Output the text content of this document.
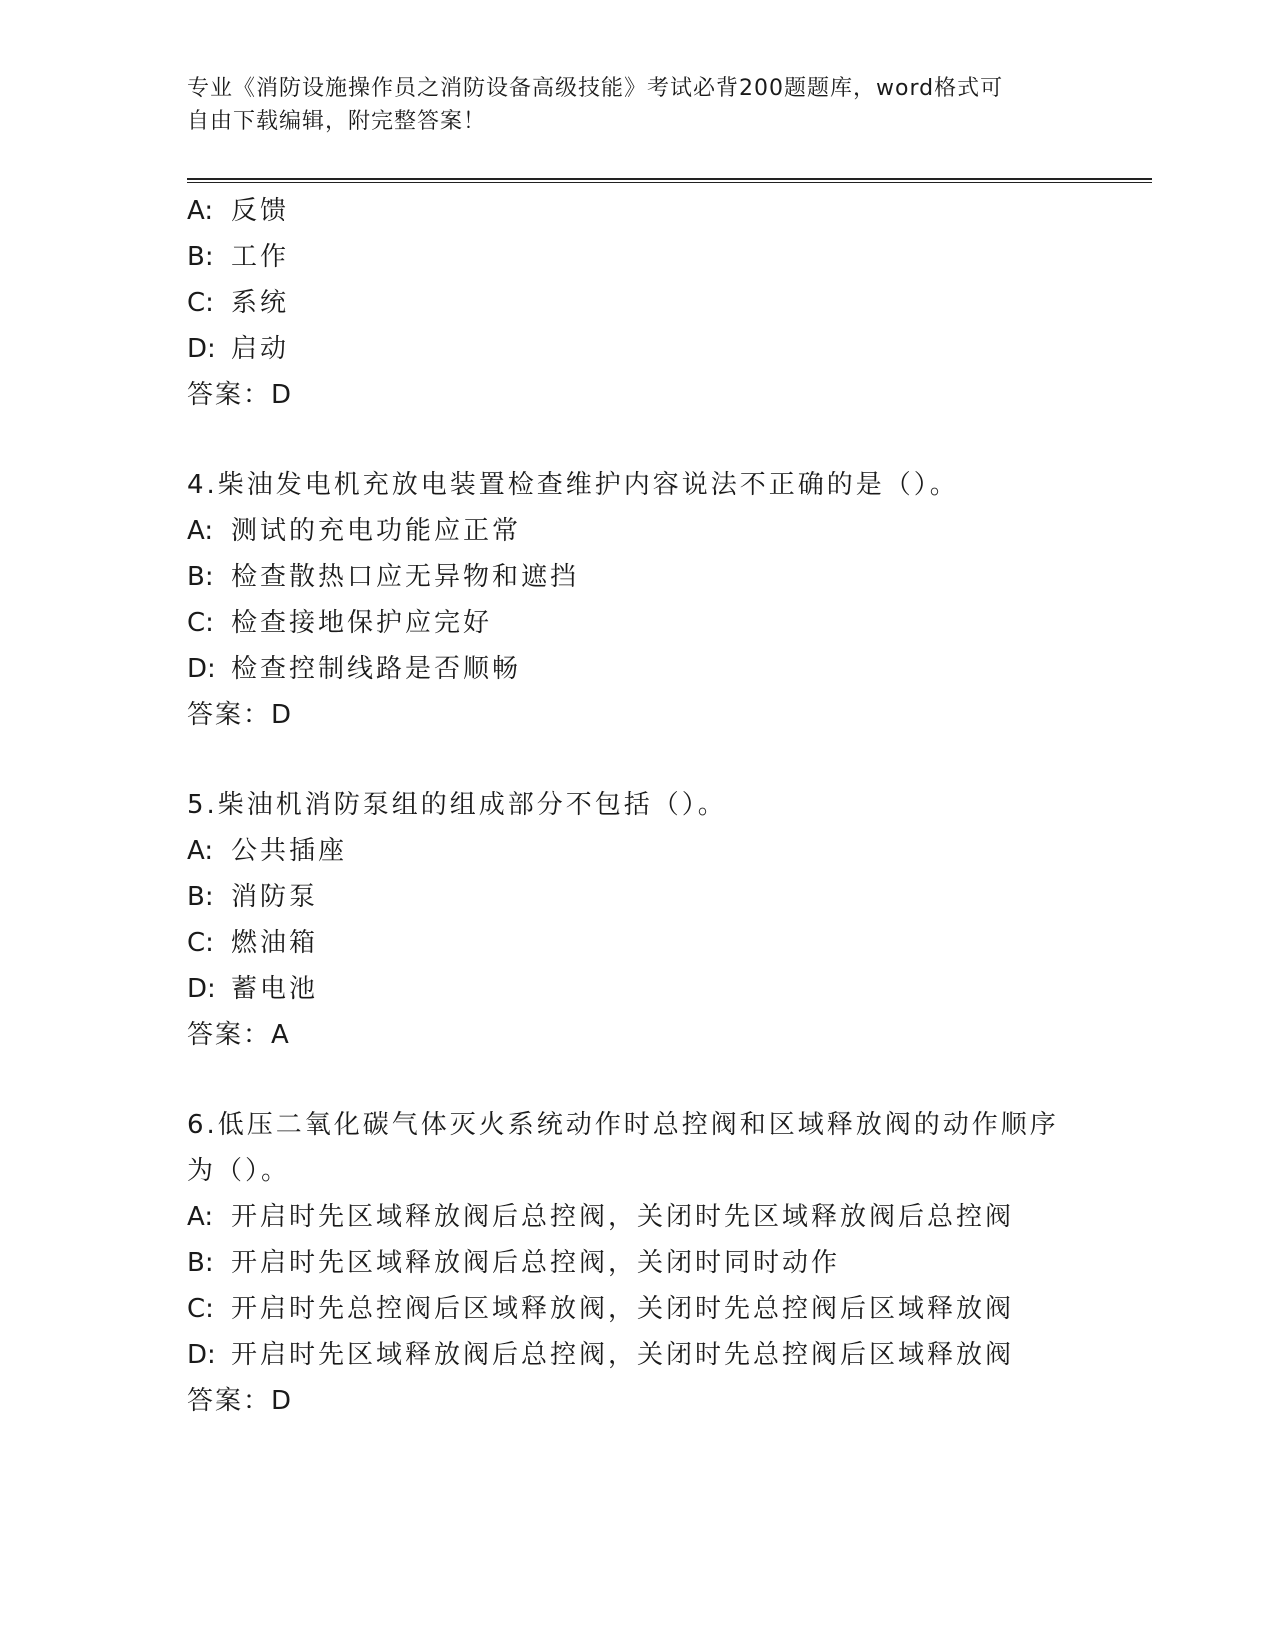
专业《消防设施操作员之消防设备高级技能》考试必背200题题库，word格式可
自由下载编辑，附完整答案！
A: 反馈
B: 工作
C: 系统
D: 启动
答案：D
4.柴油发电机充放电装置检查维护内容说法不正确的是（）。
A: 测试的充电功能应正常
B: 检查散热口应无异物和遮挡
C: 检查接地保护应完好
D: 检查控制线路是否顺畅
答案：D
5.柴油机消防泵组的组成部分不包括（）。
A: 公共插座
B: 消防泵
C: 燃油箱
D: 蓄电池
答案：A
6.低压二氧化碳气体灭火系统动作时总控阀和区域释放阀的动作顺序
为（）。
A: 开启时先区域释放阀后总控阀，关闭时先区域释放阀后总控阀
B: 开启时先区域释放阀后总控阀，关闭时同时动作
C: 开启时先总控阀后区域释放阀，关闭时先总控阀后区域释放阀
D: 开启时先区域释放阀后总控阀，关闭时先总控阀后区域释放阀
答案：D
